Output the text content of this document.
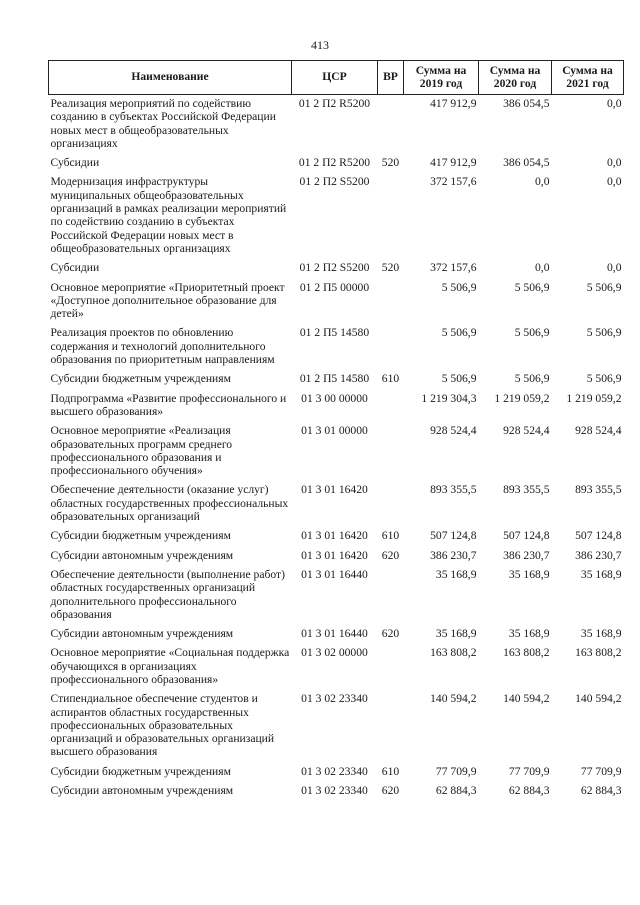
413
Наименование	ЦСР	ВР	Сумма на 2019 год	Сумма на 2020 год	Сумма на 2021 год
Реализация мероприятий по содействию созданию в субъектах Российской Федерации новых мест в общеобразовательных организациях	01 2 П2 R5200		417 912,9	386 054,5	0,0
Субсидии	01 2 П2 R5200	520	417 912,9	386 054,5	0,0
Модернизация инфраструктуры муниципальных общеобразовательных организаций в рамках реализации мероприятий по содействию созданию в субъектах Российской Федерации новых мест в общеобразовательных организациях	01 2 П2 S5200		372 157,6	0,0	0,0
Субсидии	01 2 П2 S5200	520	372 157,6	0,0	0,0
Основное мероприятие «Приоритетный проект «Доступное дополнительное образование для детей»	01 2 П5 00000		5 506,9	5 506,9	5 506,9
Реализация проектов по обновлению содержания и технологий дополнительного образования по приоритетным направлениям	01 2 П5 14580		5 506,9	5 506,9	5 506,9
Субсидии бюджетным учреждениям	01 2 П5 14580	610	5 506,9	5 506,9	5 506,9
Подпрограмма «Развитие профессионального и высшего образования»	01 3 00 00000		1 219 304,3	1 219 059,2	1 219 059,2
Основное мероприятие «Реализация образовательных программ среднего профессионального образования и профессионального обучения»	01 3 01 00000		928 524,4	928 524,4	928 524,4
Обеспечение деятельности (оказание услуг) областных государственных профессиональных образовательных организаций	01 3 01 16420		893 355,5	893 355,5	893 355,5
Субсидии бюджетным учреждениям	01 3 01 16420	610	507 124,8	507 124,8	507 124,8
Субсидии автономным учреждениям	01 3 01 16420	620	386 230,7	386 230,7	386 230,7
Обеспечение деятельности (выполнение работ) областных государственных организаций дополнительного профессионального образования	01 3 01 16440		35 168,9	35 168,9	35 168,9
Субсидии автономным учреждениям	01 3 01 16440	620	35 168,9	35 168,9	35 168,9
Основное мероприятие «Социальная поддержка обучающихся в организациях профессионального образования»	01 3 02 00000		163 808,2	163 808,2	163 808,2
Стипендиальное обеспечение студентов и аспирантов областных государственных профессиональных образовательных организаций и образовательных организаций высшего образования	01 3 02 23340		140 594,2	140 594,2	140 594,2
Субсидии бюджетным учреждениям	01 3 02 23340	610	77 709,9	77 709,9	77 709,9
Субсидии автономным учреждениям	01 3 02 23340	620	62 884,3	62 884,3	62 884,3
